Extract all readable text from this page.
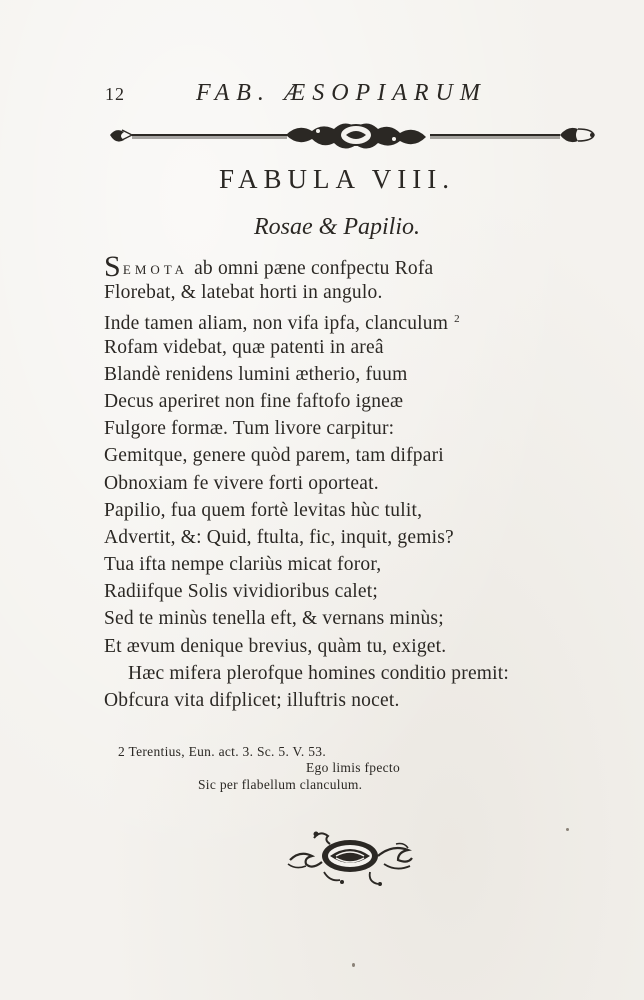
12	FAB. ÆSOPIARUM
FABULA VIII.
Rosae & Papilio.
SEMOTA ab omni pæne confpectu Rofa
Florebat, & latebat horti in angulo.
Inde tamen aliam, non vifa ipfa, clanculum $^2$
Rofam videbat, quæ patenti in areâ
Blandè renidens lumini ætherio, fuum
Decus aperiret non fine faftofo igneæ
Fulgore formæ. Tum livore carpitur:
Gemitque, genere quòd parem, tam difpari
Obnoxiam fe vivere forti oporteat.
Papilio, fua quem fortè levitas hùc tulit,
Advertit, &: Quid, ftulta, fic, inquit, gemis?
Tua ifta nempe clariùs micat foror,
Radiifque Solis vividioribus calet;
Sed te minùs tenella eft, & vernans minùs;
Et ævum denique brevius, quàm tu, exiget.
Hæc mifera plerofque homines conditio premit:
Obfcura vita difplicet; illuftris nocet.
2 Terentius, Eun. act. 3. Sc. 5. V. 53.
Ego limis fpecto
Sic per flabellum clanculum.
